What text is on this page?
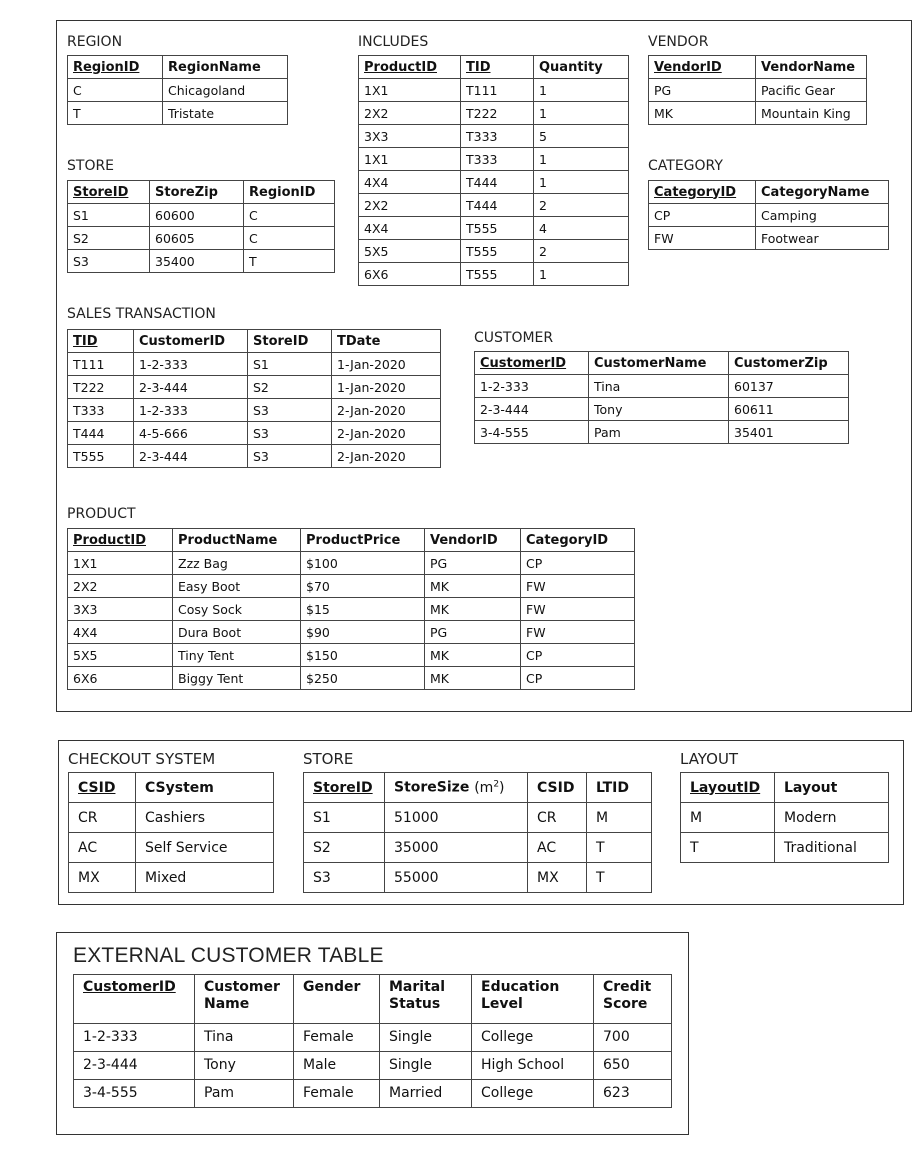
REGION
RegionID	RegionName
C	Chicagoland
T	Tristate
STORE
StoreID	StoreZip	RegionID
S1	60600	C
S2	60605	C
S3	35400	T
INCLUDES
ProductID	TID	Quantity
1X1	T111	1
2X2	T222	1
3X3	T333	5
1X1	T333	1
4X4	T444	1
2X2	T444	2
4X4	T555	4
5X5	T555	2
6X6	T555	1
VENDOR
VendorID	VendorName
PG	Pacific Gear
MK	Mountain King
CATEGORY
CategoryID	CategoryName
CP	Camping
FW	Footwear
SALES TRANSACTION
TID	CustomerID	StoreID	TDate
T111	1-2-333	S1	1-Jan-2020
T222	2-3-444	S2	1-Jan-2020
T333	1-2-333	S3	2-Jan-2020
T444	4-5-666	S3	2-Jan-2020
T555	2-3-444	S3	2-Jan-2020
CUSTOMER
CustomerID	CustomerName	CustomerZip
1-2-333	Tina	60137
2-3-444	Tony	60611
3-4-555	Pam	35401
PRODUCT
ProductID	ProductName	ProductPrice	VendorID	CategoryID
1X1	Zzz Bag	$100	PG	CP
2X2	Easy Boot	$70	MK	FW
3X3	Cosy Sock	$15	MK	FW
4X4	Dura Boot	$90	PG	FW
5X5	Tiny Tent	$150	MK	CP
6X6	Biggy Tent	$250	MK	CP
CHECKOUT SYSTEM
CSID	CSystem
CR	Cashiers
AC	Self Service
MX	Mixed
STORE
StoreID	StoreSize $(m^2)$	CSID	LTID
S1	51000	CR	M
S2	35000	AC	T
S3	55000	MX	T
LAYOUT
LayoutID	Layout
M	Modern
T	Traditional
EXTERNAL CUSTOMER TABLE
CustomerID	Customer Name	Gender	Marital Status	Education Level	Credit Score
1-2-333	Tina	Female	Single	College	700
2-3-444	Tony	Male	Single	High School	650
3-4-555	Pam	Female	Married	College	623
